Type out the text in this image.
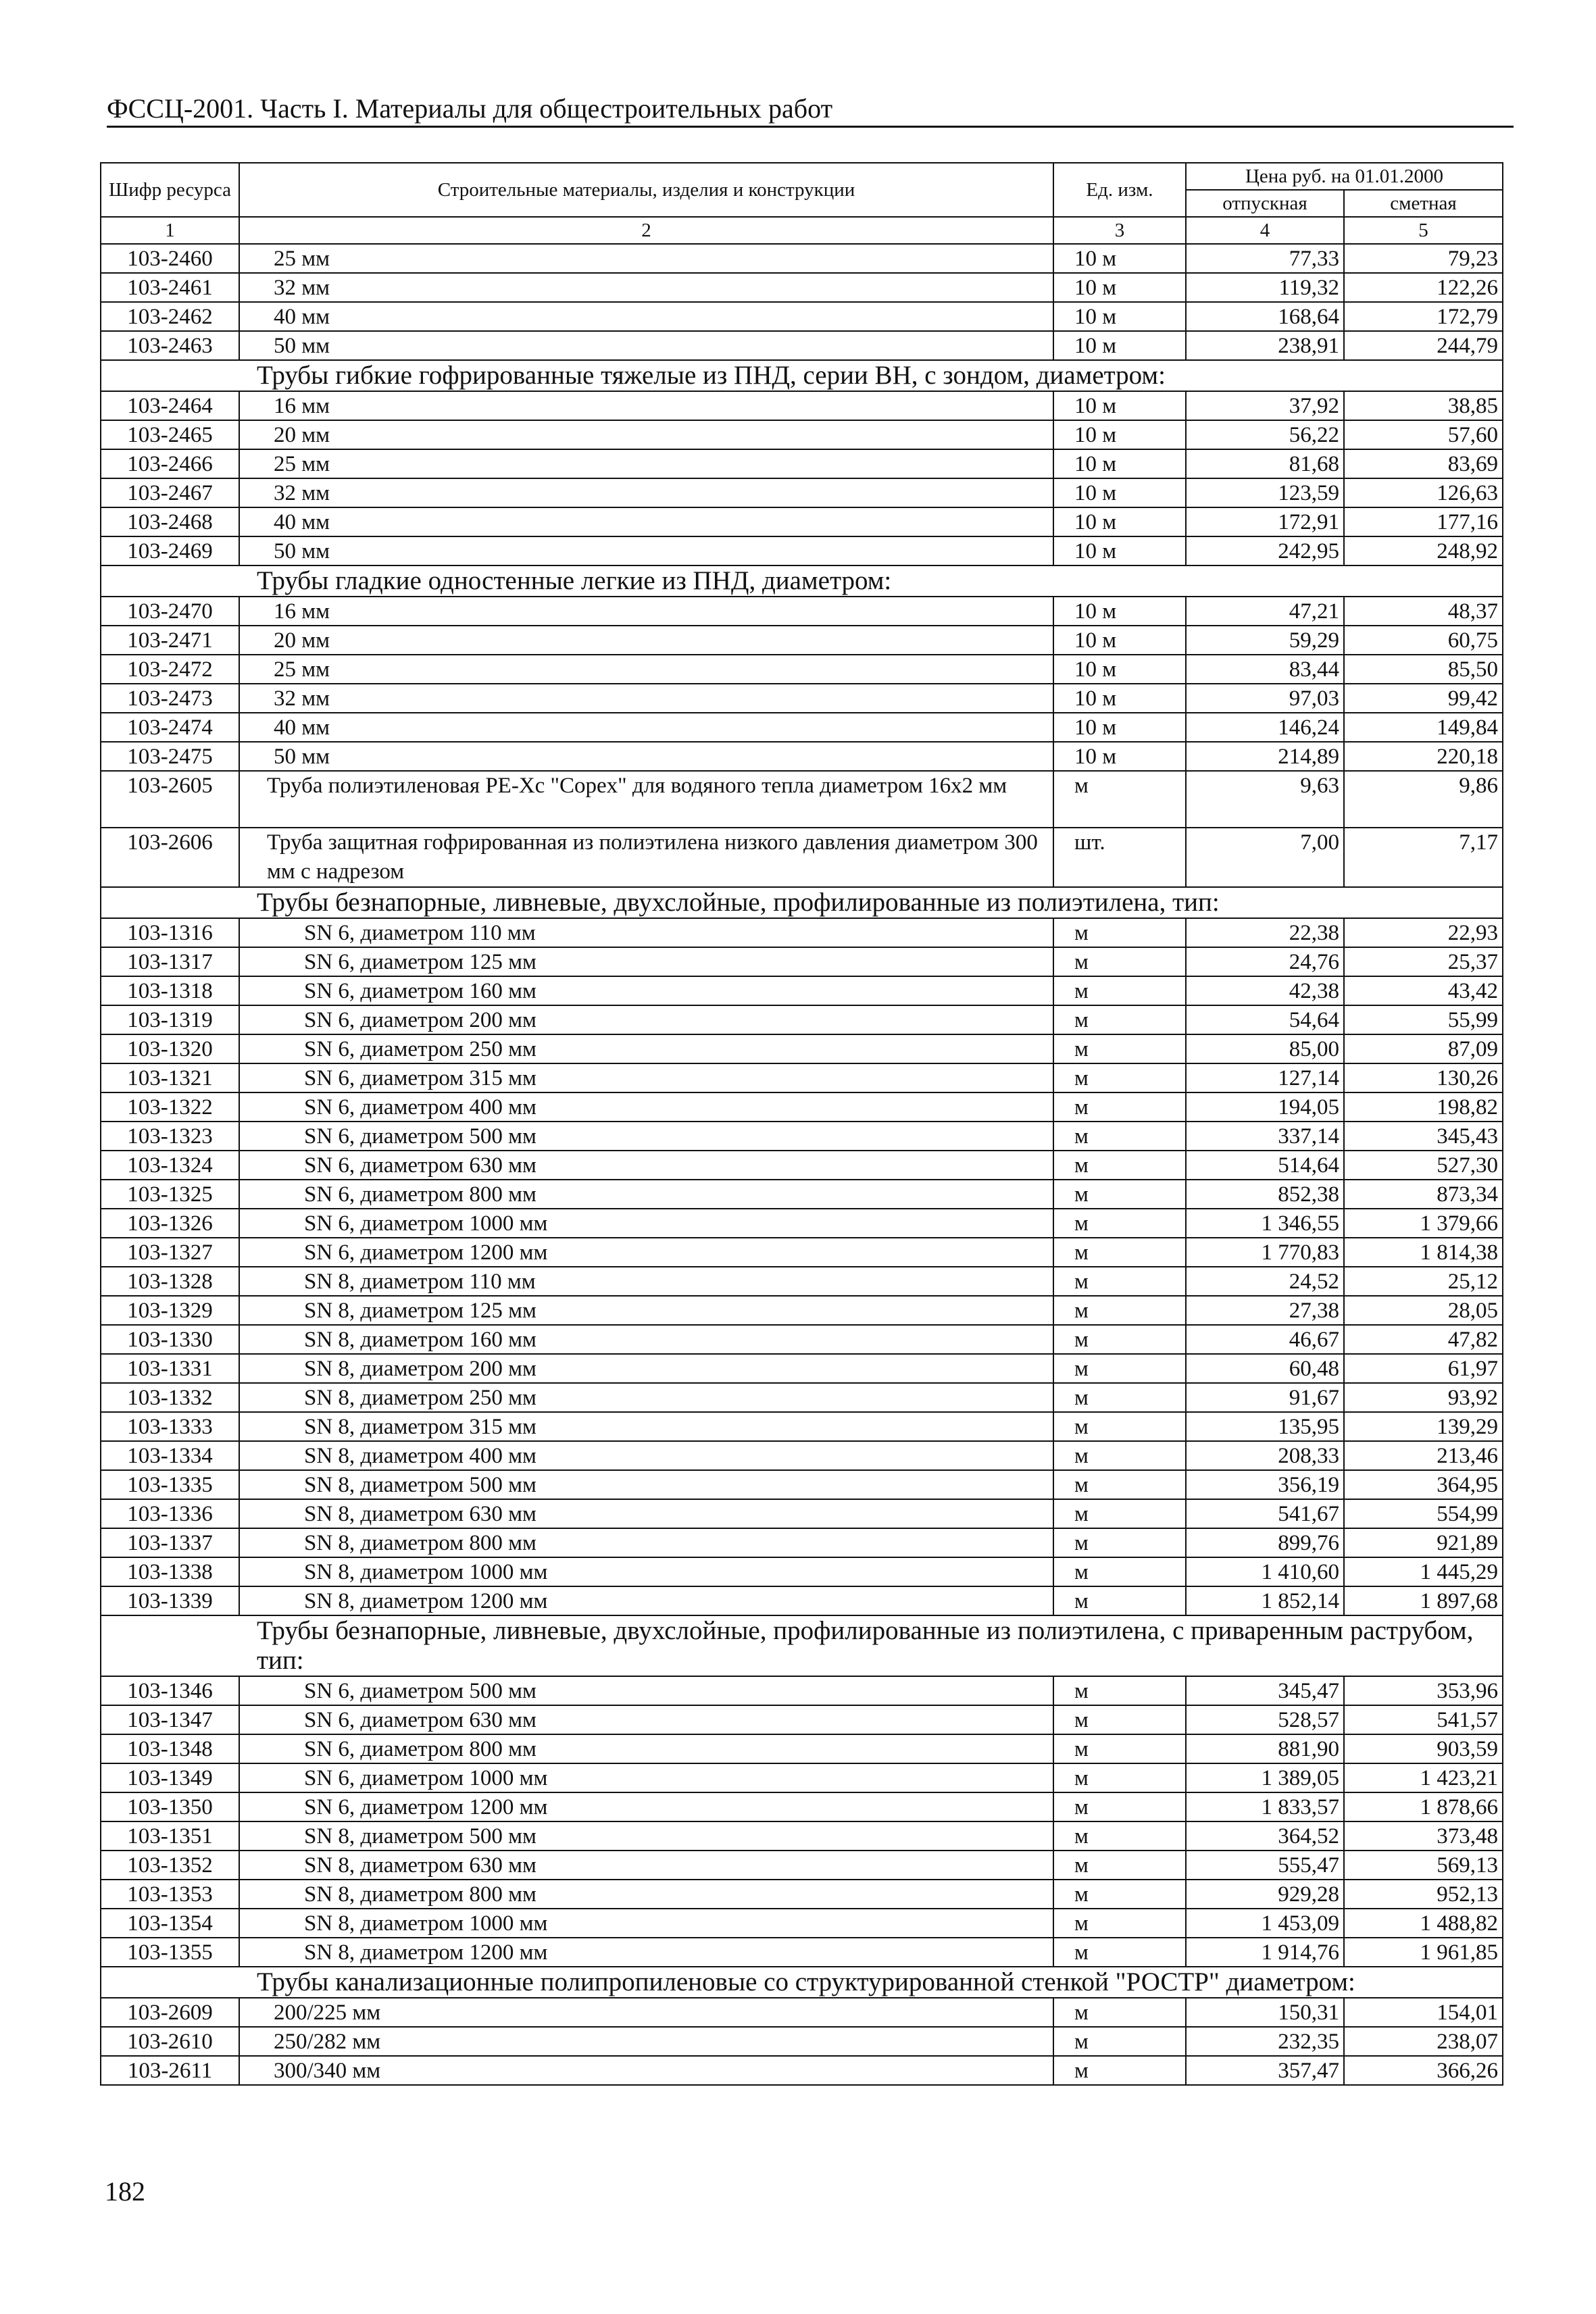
ФССЦ-2001. Часть I. Материалы для общестроительных работ
Шифр ресурса	Строительные материалы, изделия и конструкции	Ед. изм.	Цена руб. на 01.01.2000	
			отпускная	сметная
1	2	3	4	5
103-2460	25 мм	10 м	77,33	79,23
103-2461	32 мм	10 м	119,32	122,26
103-2462	40 мм	10 м	168,64	172,79
103-2463	50 мм	10 м	238,91	244,79
Трубы гибкие гофрированные тяжелые из ПНД, серии ВН, с зондом, диаметром:				
103-2464	16 мм	10 м	37,92	38,85
103-2465	20 мм	10 м	56,22	57,60
103-2466	25 мм	10 м	81,68	83,69
103-2467	32 мм	10 м	123,59	126,63
103-2468	40 мм	10 м	172,91	177,16
103-2469	50 мм	10 м	242,95	248,92
Трубы гладкие одностенные легкие из ПНД, диаметром:				
103-2470	16 мм	10 м	47,21	48,37
103-2471	20 мм	10 м	59,29	60,75
103-2472	25 мм	10 м	83,44	85,50
103-2473	32 мм	10 м	97,03	99,42
103-2474	40 мм	10 м	146,24	149,84
103-2475	50 мм	10 м	214,89	220,18
103-2605	Труба полиэтиленовая РЕ-Хс "Copex" для водяного тепла диаметром 16х2 мм	м	9,63	9,86
103-2606	Труба защитная гофрированная из полиэтилена низкого давления диаметром 300 мм с надрезом	шт.	7,00	7,17
Трубы безнапорные, ливневые, двухслойные, профилированные из полиэтилена, тип:				
103-1316	SN 6, диаметром 110 мм	м	22,38	22,93
103-1317	SN 6, диаметром 125 мм	м	24,76	25,37
103-1318	SN 6, диаметром 160 мм	м	42,38	43,42
103-1319	SN 6, диаметром 200 мм	м	54,64	55,99
103-1320	SN 6, диаметром 250 мм	м	85,00	87,09
103-1321	SN 6, диаметром 315 мм	м	127,14	130,26
103-1322	SN 6, диаметром 400 мм	м	194,05	198,82
103-1323	SN 6, диаметром 500 мм	м	337,14	345,43
103-1324	SN 6, диаметром 630 мм	м	514,64	527,30
103-1325	SN 6, диаметром 800 мм	м	852,38	873,34
103-1326	SN 6, диаметром 1000 мм	м	1 346,55	1 379,66
103-1327	SN 6, диаметром 1200 мм	м	1 770,83	1 814,38
103-1328	SN 8, диаметром 110 мм	м	24,52	25,12
103-1329	SN 8, диаметром 125 мм	м	27,38	28,05
103-1330	SN 8, диаметром 160 мм	м	46,67	47,82
103-1331	SN 8, диаметром 200 мм	м	60,48	61,97
103-1332	SN 8, диаметром 250 мм	м	91,67	93,92
103-1333	SN 8, диаметром 315 мм	м	135,95	139,29
103-1334	SN 8, диаметром 400 мм	м	208,33	213,46
103-1335	SN 8, диаметром 500 мм	м	356,19	364,95
103-1336	SN 8, диаметром 630 мм	м	541,67	554,99
103-1337	SN 8, диаметром 800 мм	м	899,76	921,89
103-1338	SN 8, диаметром 1000 мм	м	1 410,60	1 445,29
103-1339	SN 8, диаметром 1200 мм	м	1 852,14	1 897,68
Трубы безнапорные, ливневые, двухслойные, профилированные из полиэтилена, с приваренным раструбом, тип:				
103-1346	SN 6, диаметром 500 мм	м	345,47	353,96
103-1347	SN 6, диаметром 630 мм	м	528,57	541,57
103-1348	SN 6, диаметром 800 мм	м	881,90	903,59
103-1349	SN 6, диаметром 1000 мм	м	1 389,05	1 423,21
103-1350	SN 6, диаметром 1200 мм	м	1 833,57	1 878,66
103-1351	SN 8, диаметром 500 мм	м	364,52	373,48
103-1352	SN 8, диаметром 630 мм	м	555,47	569,13
103-1353	SN 8, диаметром 800 мм	м	929,28	952,13
103-1354	SN 8, диаметром 1000 мм	м	1 453,09	1 488,82
103-1355	SN 8, диаметром 1200 мм	м	1 914,76	1 961,85
Трубы канализационные полипропиленовые со структурированной стенкой "РОСТР" диаметром:				
103-2609	200/225 мм	м	150,31	154,01
103-2610	250/282 мм	м	232,35	238,07
103-2611	300/340 мм	м	357,47	366,26
182
